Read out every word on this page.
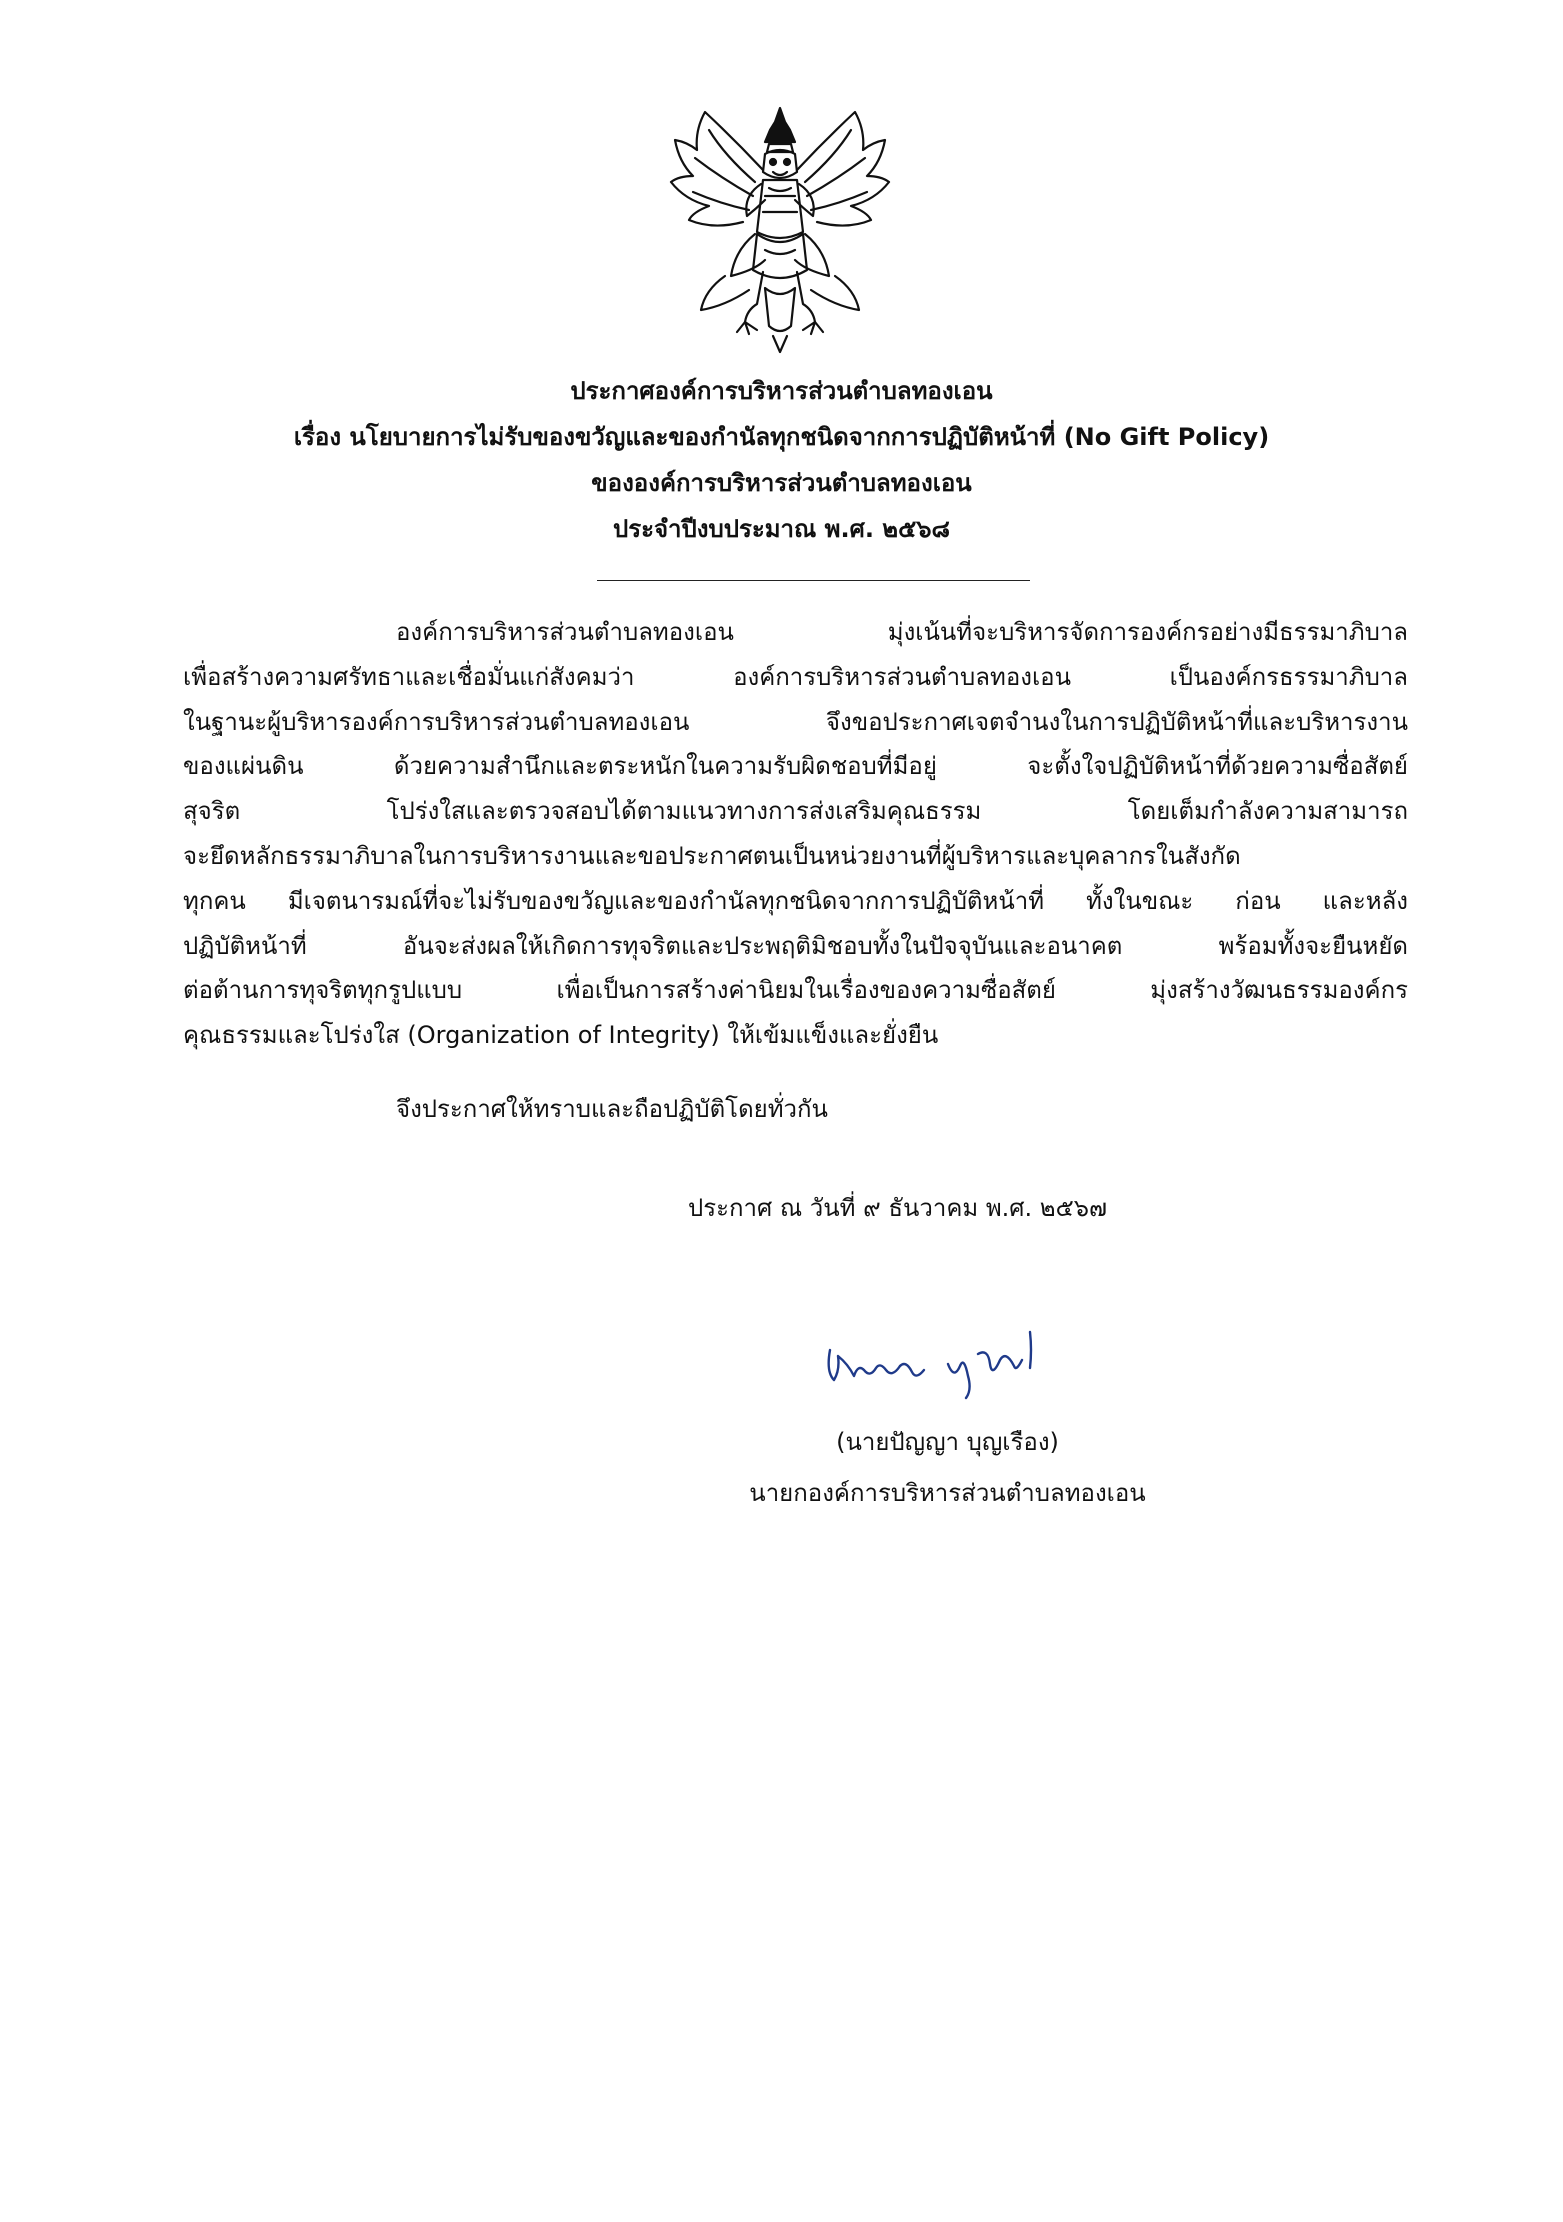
ประกาศองค์การบริหารส่วนตำบลทองเอน
เรื่อง นโยบายการไม่รับของขวัญและของกำนัลทุกชนิดจากการปฏิบัติหน้าที่ (No Gift Policy)
ขององค์การบริหารส่วนตำบลทองเอน
ประจำปีงบประมาณ พ.ศ. ๒๕๖๘
องค์การบริหารส่วนตำบลทองเอน มุ่งเน้นที่จะบริหารจัดการองค์กรอย่างมีธรรมาภิบาล
เพื่อสร้างความศรัทธาและเชื่อมั่นแก่สังคมว่า องค์การบริหารส่วนตำบลทองเอน เป็นองค์กรธรรมาภิบาล
ในฐานะผู้บริหารองค์การบริหารส่วนตำบลทองเอน จึงขอประกาศเจตจำนงในการปฏิบัติหน้าที่และบริหารงาน
ของแผ่นดิน ด้วยความสำนึกและตระหนักในความรับผิดชอบที่มีอยู่ จะตั้งใจปฏิบัติหน้าที่ด้วยความซื่อสัตย์
สุจริต โปร่งใสและตรวจสอบได้ตามแนวทางการส่งเสริมคุณธรรม โดยเต็มกำลังความสามารถ
จะยึดหลักธรรมาภิบาลในการบริหารงานและขอประกาศตนเป็นหน่วยงานที่ผู้บริหารและบุคลากรในสังกัด
ทุกคน มีเจตนารมณ์ที่จะไม่รับของขวัญและของกำนัลทุกชนิดจากการปฏิบัติหน้าที่ ทั้งในขณะ ก่อน และหลัง
ปฏิบัติหน้าที่ อันจะส่งผลให้เกิดการทุจริตและประพฤติมิชอบทั้งในปัจจุบันและอนาคต พร้อมทั้งจะยืนหยัด
ต่อต้านการทุจริตทุกรูปแบบ เพื่อเป็นการสร้างค่านิยมในเรื่องของความซื่อสัตย์ มุ่งสร้างวัฒนธรรมองค์กร
คุณธรรมและโปร่งใส (Organization of Integrity) ให้เข้มแข็งและยั่งยืน
จึงประกาศให้ทราบและถือปฏิบัติโดยทั่วกัน
ประกาศ ณ วันที่ ๙ ธันวาคม พ.ศ. ๒๕๖๗
(นายปัญญา บุญเรือง)
นายกองค์การบริหารส่วนตำบลทองเอน
